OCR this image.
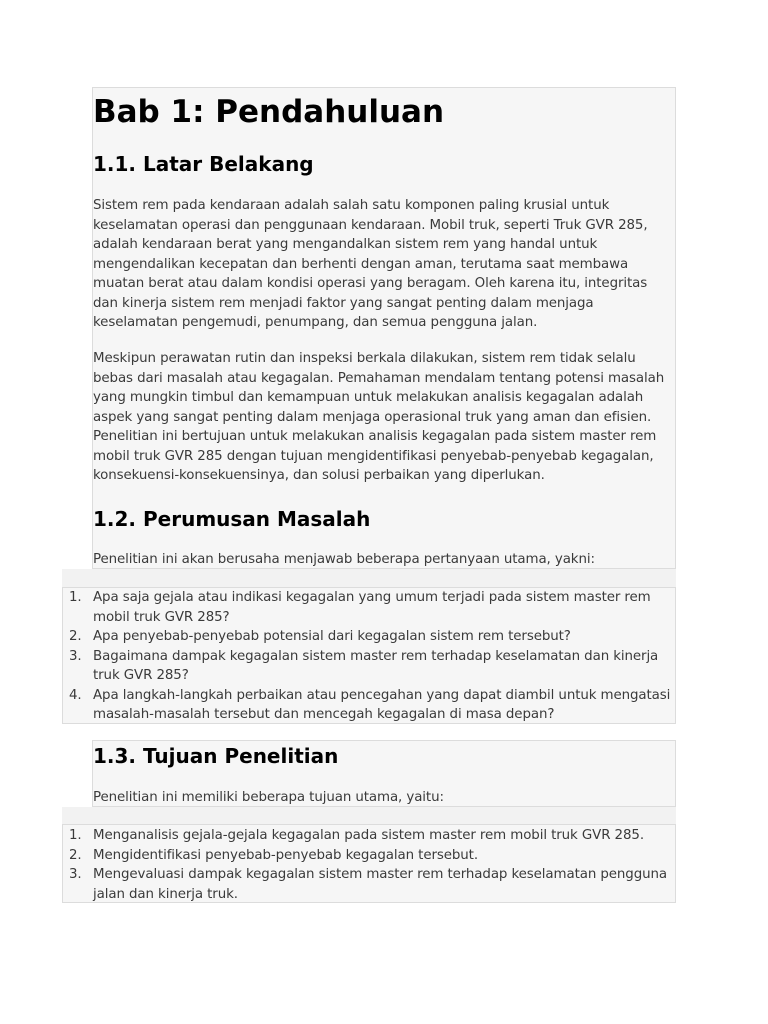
Bab 1: Pendahuluan
1.1. Latar Belakang

Sistem rem pada kendaraan adalah salah satu komponen paling krusial untuk keselamatan operasi dan penggunaan kendaraan. Mobil truk, seperti Truk GVR 285, adalah kendaraan berat yang mengandalkan sistem rem yang handal untuk mengendalikan kecepatan dan berhenti dengan aman, terutama saat membawa muatan berat atau dalam kondisi operasi yang beragam. Oleh karena itu, integritas dan kinerja sistem rem menjadi faktor yang sangat penting dalam menjaga keselamatan pengemudi, penumpang, dan semua pengguna jalan.

Meskipun perawatan rutin dan inspeksi berkala dilakukan, sistem rem tidak selalu bebas dari masalah atau kegagalan. Pemahaman mendalam tentang potensi masalah yang mungkin timbul dan kemampuan untuk melakukan analisis kegagalan adalah aspek yang sangat penting dalam menjaga operasional truk yang aman dan efisien. Penelitian ini bertujuan untuk melakukan analisis kegagalan pada sistem master rem mobil truk GVR 285 dengan tujuan mengidentifikasi penyebab-penyebab kegagalan, konsekuensi-konsekuensinya, dan solusi perbaikan yang diperlukan.

1.2. Perumusan Masalah

Penelitian ini akan berusaha menjawab beberapa pertanyaan utama, yakni:

1. Apa saja gejala atau indikasi kegagalan yang umum terjadi pada sistem master rem mobil truk GVR 285?
2. Apa penyebab-penyebab potensial dari kegagalan sistem rem tersebut?
3. Bagaimana dampak kegagalan sistem master rem terhadap keselamatan dan kinerja truk GVR 285?
4. Apa langkah-langkah perbaikan atau pencegahan yang dapat diambil untuk mengatasi masalah-masalah tersebut dan mencegah kegagalan di masa depan?
1.3. Tujuan Penelitian

Penelitian ini memiliki beberapa tujuan utama, yaitu:

1. Menganalisis gejala-gejala kegagalan pada sistem master rem mobil truk GVR 285.
2. Mengidentifikasi penyebab-penyebab kegagalan tersebut.
3. Mengevaluasi dampak kegagalan sistem master rem terhadap keselamatan pengguna jalan dan kinerja truk.
